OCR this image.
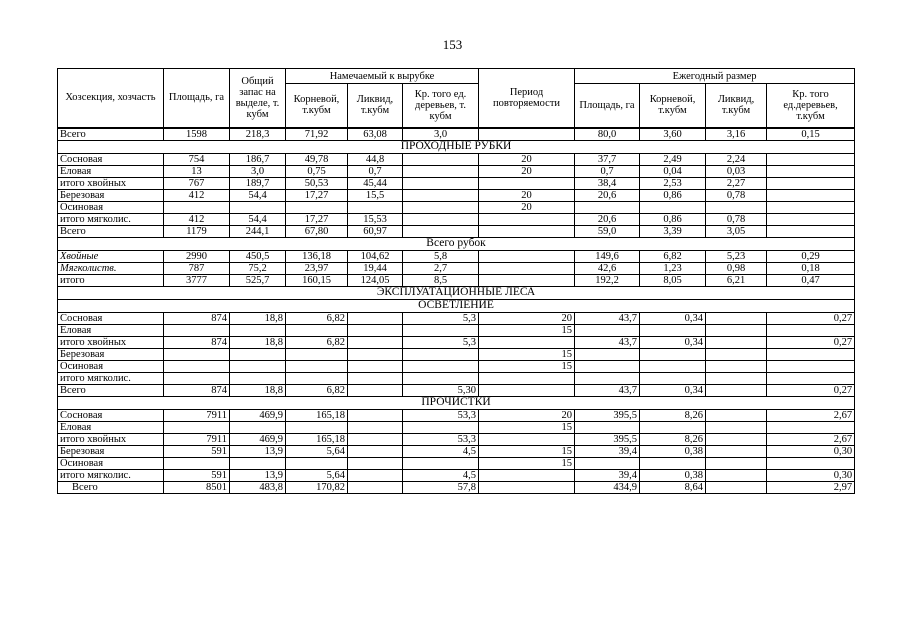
153
Хозсекция, хозчасть	Площадь, га	Общий запас на выделе, т. кубм	Намечаемый к вырубке			Период повторяемости	Ежегодный размер			
			Корневой, т.кубм	Ликвид, т.кубм	Кр. того ед. деревьев, т. кубм		Площадь, га	Корневой, т.кубм	Ликвид, т.кубм	Кр. того ед.деревьев, т.кубм
Всего	1598	218,3	71,92	63,08	3,0		80,0	3,60	3,16	0,15
ПРОХОДНЫЕ РУБКИ										
Сосновая	754	186,7	49,78	44,8		20	37,7	2,49	2,24	
Еловая	13	3,0	0,75	0,7		20	0,7	0,04	0,03	
итого хвойных	767	189,7	50,53	45,44			38,4	2,53	2,27	
Березовая	412	54,4	17,27	15,5		20	20,6	0,86	0,78	
Осиновая						20				
итого мягколис.	412	54,4	17,27	15,53			20,6	0,86	0,78	
Всего	1179	244,1	67,80	60,97			59,0	3,39	3,05	
Всего рубок										
Хвойные	2990	450,5	136,18	104,62	5,8		149,6	6,82	5,23	0,29
Мягколиств.	787	75,2	23,97	19,44	2,7		42,6	1,23	0,98	0,18
итого	3777	525,7	160,15	124,05	8,5		192,2	8,05	6,21	0,47
ЭКСПЛУАТАЦИОННЫЕ ЛЕСА										
ОСВЕТЛЕНИЕ										
Сосновая	874	18,8	6,82		5,3	20	43,7	0,34		0,27
Еловая						15				
итого хвойных	874	18,8	6,82		5,3		43,7	0,34		0,27
Березовая						15				
Осиновая						15				
итого мягколис.										
Всего	874	18,8	6,82		5,30		43,7	0,34		0,27
ПРОЧИСТКИ										
Сосновая	7911	469,9	165,18		53,3	20	395,5	8,26		2,67
Еловая						15				
итого хвойных	7911	469,9	165,18		53,3		395,5	8,26		2,67
Березовая	591	13,9	5,64		4,5	15	39,4	0,38		0,30
Осиновая						15				
итого мягколис.	591	13,9	5,64		4,5		39,4	0,38		0,30
Всего	8501	483,8	170,82		57,8		434,9	8,64		2,97
